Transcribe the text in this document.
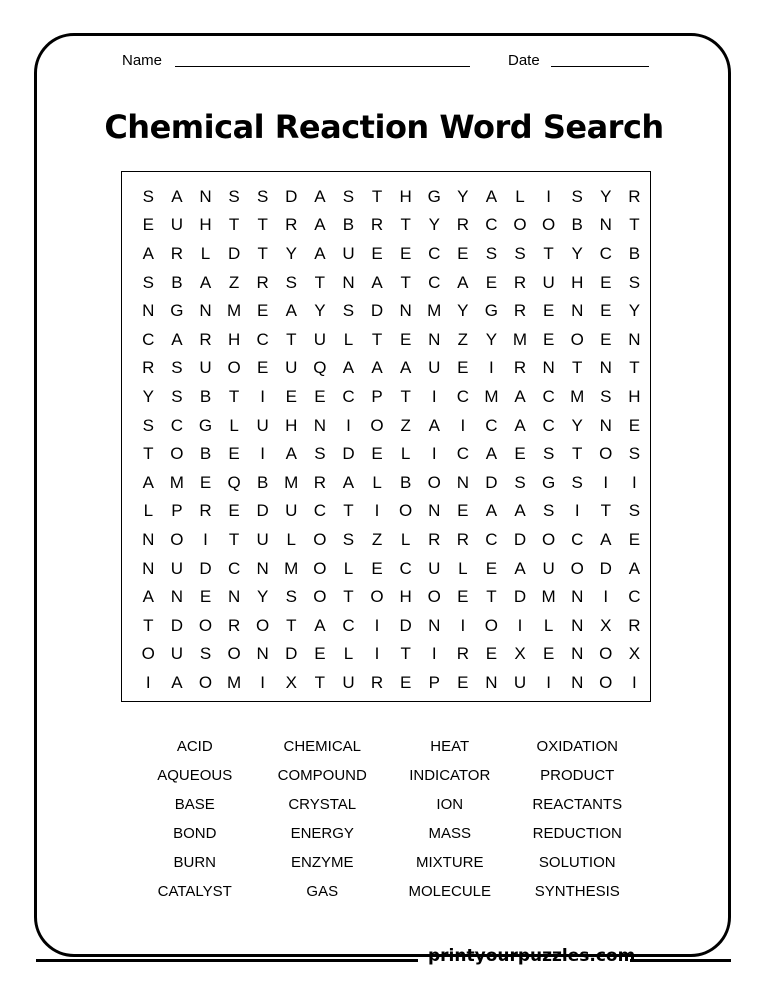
Name	Date
Chemical Reaction Word Search
S	A N S	S D A	S	T	H G Y	A	L	I	S	Y R
E U H	T	T	R A	B R	T	Y R C O O B N	T
A R	L	D	T	Y	A U E	E C E	S	S	T	Y C B
S	B	A	Z	R S	T	N A	T	C A	E R U H E	S
N G N M E	A	Y	S D N M Y G R E N E	Y
C A R H C	T	U	L	T	E N	Z	Y M E O E N
R S U O E U Q A	A	A U E	I	R N	T	N	T
Y	S	B	T	I	E	E C P	T	I	C M A C M S H
S C G	L	U H N	I	O Z	A	I	C A C Y N E
T O B	E	I	A	S D E	L	I	C A	E	S	T O S
A M E Q B M R A	L	B O N D S G S	I	I
L	P R E D U C	T	I	O N E	A	A	S	I	T	S
N O	I	T	U	L	O S	Z	L	R R C D O C A	E
N U D C N M O	L	E C U	L	E	A U O D A
A N E N Y	S O T O H O E	T	D M N	I	C
T	D O R O T	A C	I	D N	I	O	I	L	N X R
O U S O N D E	L	I	T	I	R E	X	E N O X
I	A O M	I	X	T	U R E	P	E N U	I	N O	I
ACID	CHEMICAL	HEAT	OXIDATION
AQUEOUS	COMPOUND	INDICATOR	PRODUCT
BASE	CRYSTAL	ION	REACTANTS
BOND	ENERGY	MASS	REDUCTION
BURN	ENZYME	MIXTURE	SOLUTION
CATALYST	GAS	MOLECULE	SYNTHESIS
printyourpuzzles.com
